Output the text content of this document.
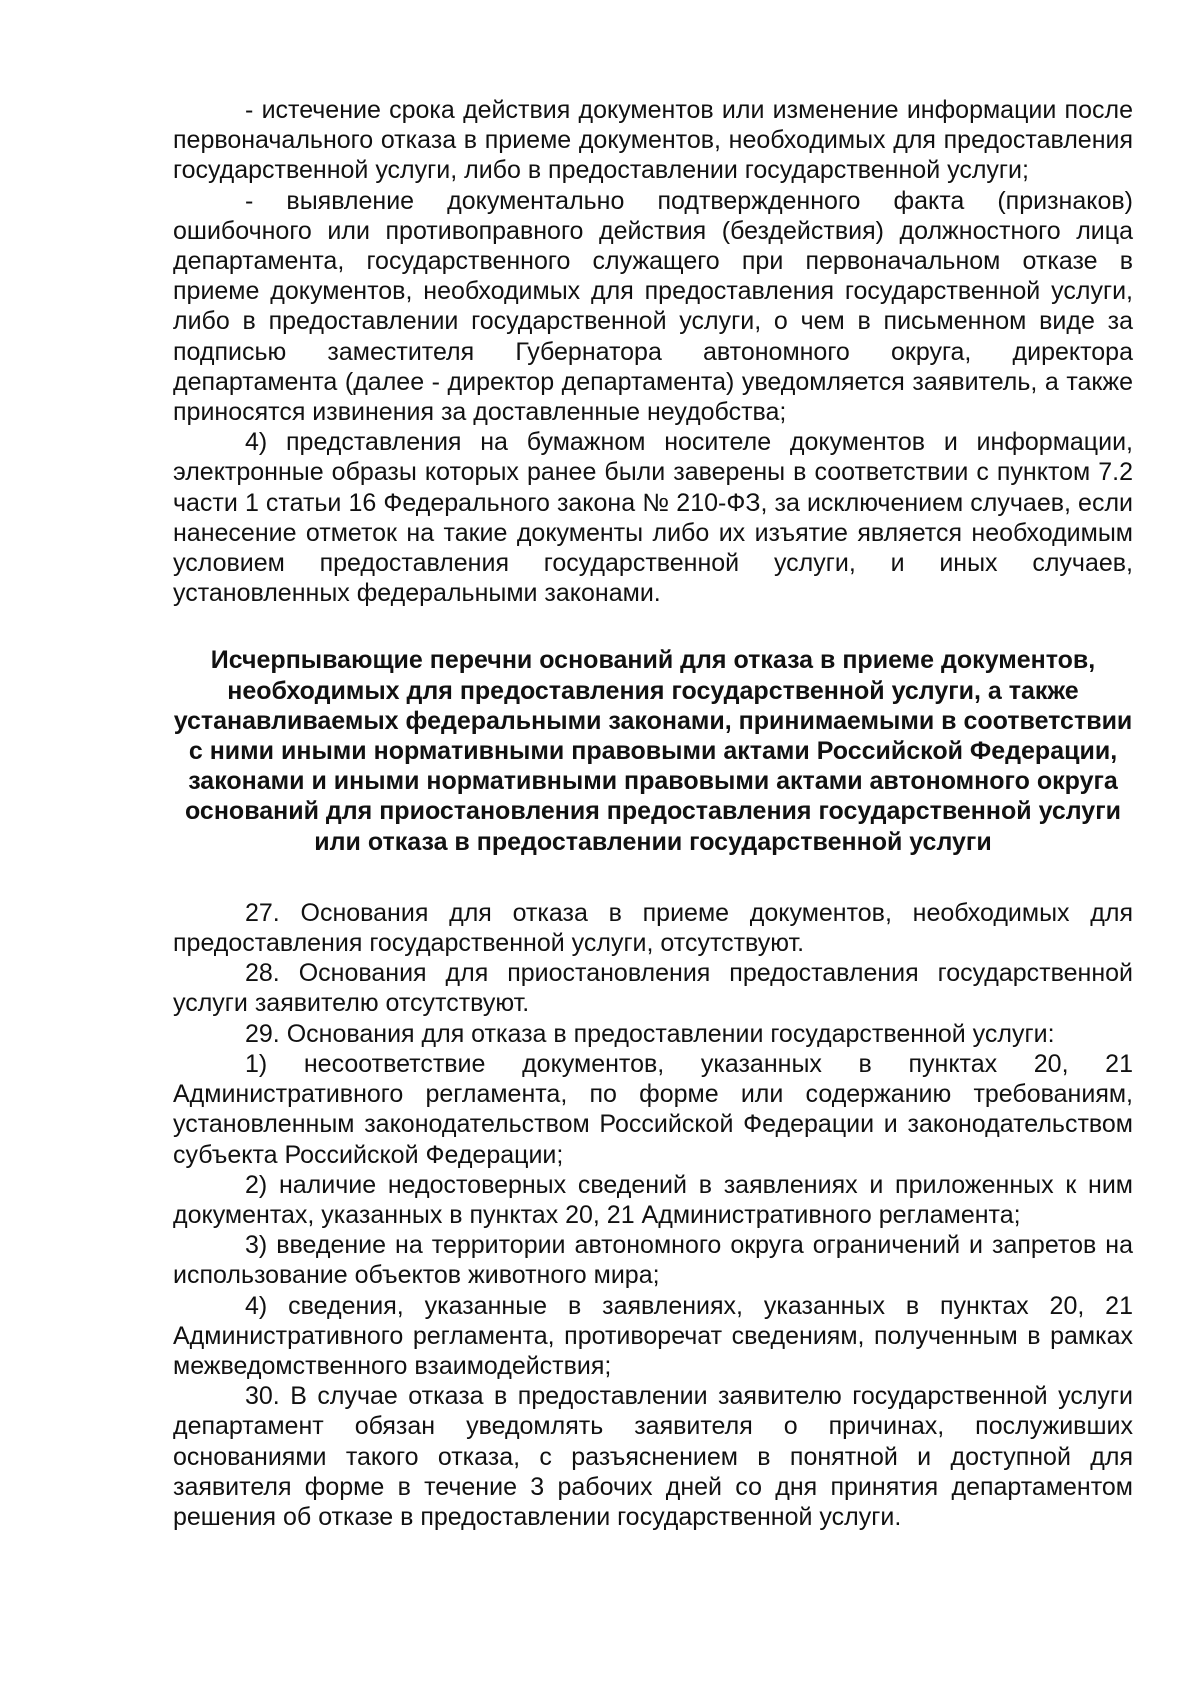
- истечение срока действия документов или изменение информации после первоначального отказа в приеме документов, необходимых для предоставления государственной услуги, либо в предоставлении государственной услуги;

- выявление документально подтвержденного факта (признаков) ошибочного или противоправного действия (бездействия) должностного лица департамента, государственного служащего при первоначальном отказе в приеме документов, необходимых для предоставления государственной услуги, либо в предоставлении государственной услуги, о чем в письменном виде за подписью заместителя Губернатора автономного округа, директора департамента (далее - директор департамента) уведомляется заявитель, а также приносятся извинения за доставленные неудобства;

4) представления на бумажном носителе документов и информации, электронные образы которых ранее были заверены в соответствии с пунктом 7.2 части 1 статьи 16 Федерального закона № 210-ФЗ, за исключением случаев, если нанесение отметок на такие документы либо их изъятие является необходимым условием предоставления государственной услуги, и иных случаев, установленных федеральными законами.

Исчерпывающие перечни оснований для отказа в приеме документов, необходимых для предоставления государственной услуги, а также устанавливаемых федеральными законами, принимаемыми в соответствии с ними иными нормативными правовыми актами Российской Федерации, законами и иными нормативными правовыми актами автономного округа оснований для приостановления предоставления государственной услуги или отказа в предоставлении государственной услуги

27. Основания для отказа в приеме документов, необходимых для предоставления государственной услуги, отсутствуют.

28. Основания для приостановления предоставления государственной услуги заявителю отсутствуют.

29. Основания для отказа в предоставлении государственной услуги:

1) несоответствие документов, указанных в пунктах 20, 21 Административного регламента, по форме или содержанию требованиям, установленным законодательством Российской Федерации и законодательством субъекта Российской Федерации;

2) наличие недостоверных сведений в заявлениях и приложенных к ним документах, указанных в пунктах 20, 21 Административного регламента;

3) введение на территории автономного округа ограничений и запретов на использование объектов животного мира;

4) сведения, указанные в заявлениях, указанных в пунктах 20, 21 Административного регламента, противоречат сведениям, полученным в рамках межведомственного взаимодействия;

30. В случае отказа в предоставлении заявителю государственной услуги департамент обязан уведомлять заявителя о причинах, послуживших основаниями такого отказа, с разъяснением в понятной и доступной для заявителя форме в течение 3 рабочих дней со дня принятия департаментом решения об отказе в предоставлении государственной услуги.
